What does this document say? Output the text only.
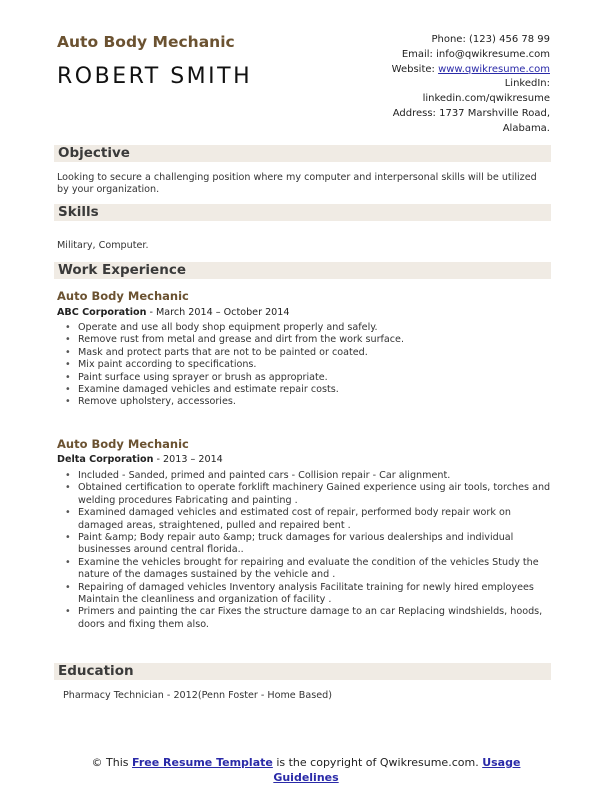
Auto Body Mechanic
ROBERT SMITH
Phone: (123) 456 78 99
Email: info@qwikresume.com
Website: www.qwikresume.com
LinkedIn:
linkedin.com/qwikresume
Address: 1737 Marshville Road,
Alabama.
Objective

Looking to secure a challenging position where my computer and interpersonal skills will be utilized by your organization.

Skills

Military, Computer.

Work Experience
Auto Body Mechanic

ABC Corporation - March 2014 – October 2014

• Operate and use all body shop equipment properly and safely.
• Remove rust from metal and grease and dirt from the work surface.
• Mask and protect parts that are not to be painted or coated.
• Mix paint according to specifications.
• Paint surface using sprayer or brush as appropriate.
• Examine damaged vehicles and estimate repair costs.
• Remove upholstery, accessories.
Auto Body Mechanic

Delta Corporation - 2013 – 2014

• Included - Sanded, primed and painted cars - Collision repair - Car alignment.
• Obtained certification to operate forklift machinery Gained experience using air tools, torches and welding procedures Fabricating and painting .
• Examined damaged vehicles and estimated cost of repair, performed body repair work on damaged areas, straightened, pulled and repaired bent .
• Paint &amp; Body repair auto &amp; truck damages for various dealerships and individual businesses around central florida..
• Examine the vehicles brought for repairing and evaluate the condition of the vehicles Study the nature of the damages sustained by the vehicle and .
• Repairing of damaged vehicles Inventory analysis Facilitate training for newly hired employees Maintain the cleanliness and organization of facility .
• Primers and painting the car Fixes the structure damage to an car Replacing windshields, hoods, doors and fixing them also.
Education

Pharmacy Technician - 2012(Penn Foster - Home Based)

© This Free Resume Template is the copyright of Qwikresume.com. Usage
Guidelines
